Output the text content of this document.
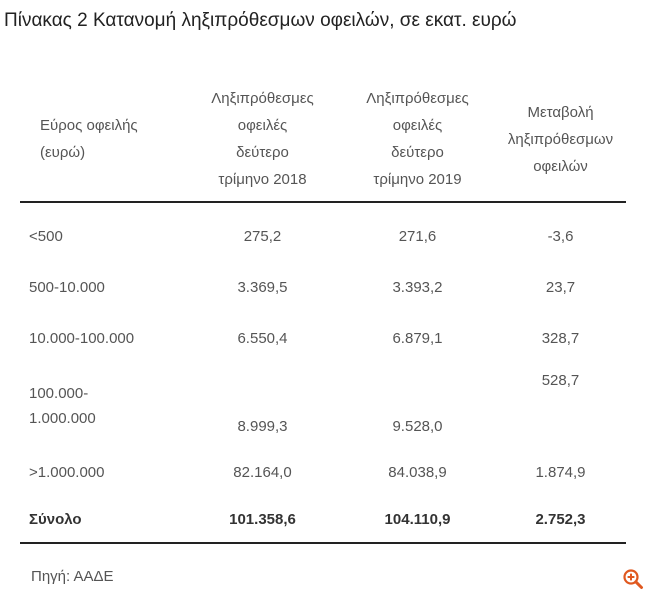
Πίνακας 2 Κατανομή ληξιπρόθεσμων οφειλών, σε εκατ. ευρώ
Εύρος οφειλής
(ευρώ)	Ληξιπρόθεσμες
οφειλές
δεύτερο
τρίμηνο 2018	Ληξιπρόθεσμες
οφειλές
δεύτερο
τρίμηνο 2019	Μεταβολή
ληξιπρόθεσμων
οφειλών

<500	275,2	271,6	-3,6
500-10.000	3.369,5	3.393,2	23,7
10.000-100.000	6.550,4	6.879,1	328,7

100.000-
1.000.000	8.999,3	9.528,0	528,7
>1.000.000	82.164,0	84.038,9	1.874,9
Σύνολο	101.358,6	104.110,9	2.752,3
Πηγή: ΑΑΔΕ
